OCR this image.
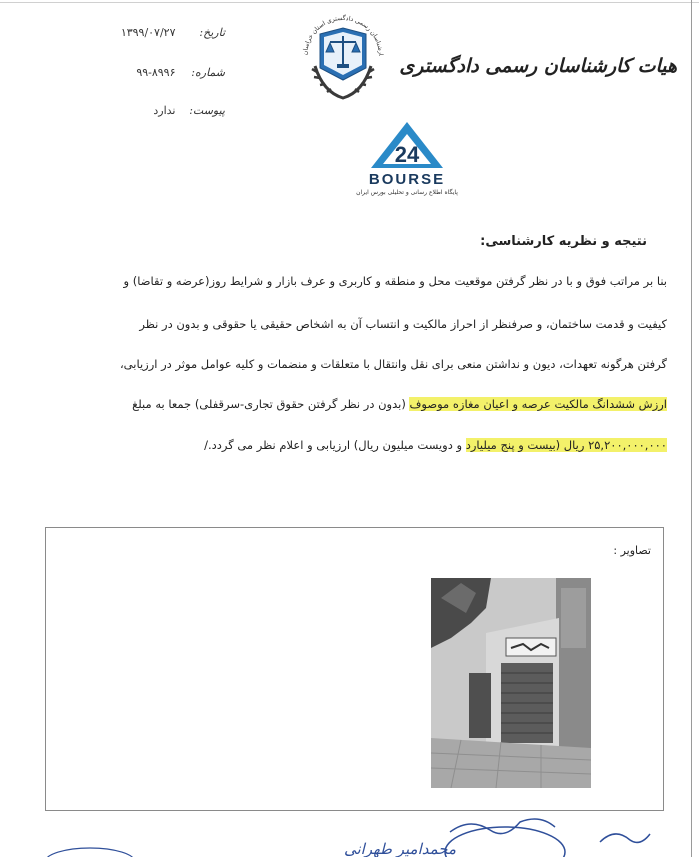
تاریخ: ۱۳۹۹/۰۷/۲۷
شماره: ۹۹-۸۹۹۶
پیوست: ندارد
ارشناسان رسمی دادگستری استان خراسان
هیات کارشناسان رسمی دادگستری
24
BOURSE
پایگاه اطلاع رسانی و تحلیلی بورس ایران
نتیجه و نظریه کارشناسی:
بنا بر مراتب فوق و با در نظر گرفتن موقعیت محل و منطقه و کاربری و عرف بازار و شرایط روز(عرضه و تقاضا) و
کیفیت و قدمت ساختمان، و صرفنظر از احراز مالکیت و انتساب آن به اشخاص حقیقی یا حقوقی و بدون در نظر
گرفتن هرگونه تعهدات، دیون و نداشتن منعی برای نقل وانتقال با متعلقات و منضمات و کلیه عوامل موثر در ارزیابی،
ارزش ششدانگ مالکیت عرصه و اعیان مغازه موصوف (بدون در نظر گرفتن حقوق تجاری-سرقفلی) جمعا به مبلغ
۲۵,۲۰۰,۰۰۰,۰۰۰ ریال (بیست و پنج میلیارد و دویست میلیون ریال) ارزیابی و اعلام نظر می گردد./
تصاویر :
محمدامیر طهرانی
